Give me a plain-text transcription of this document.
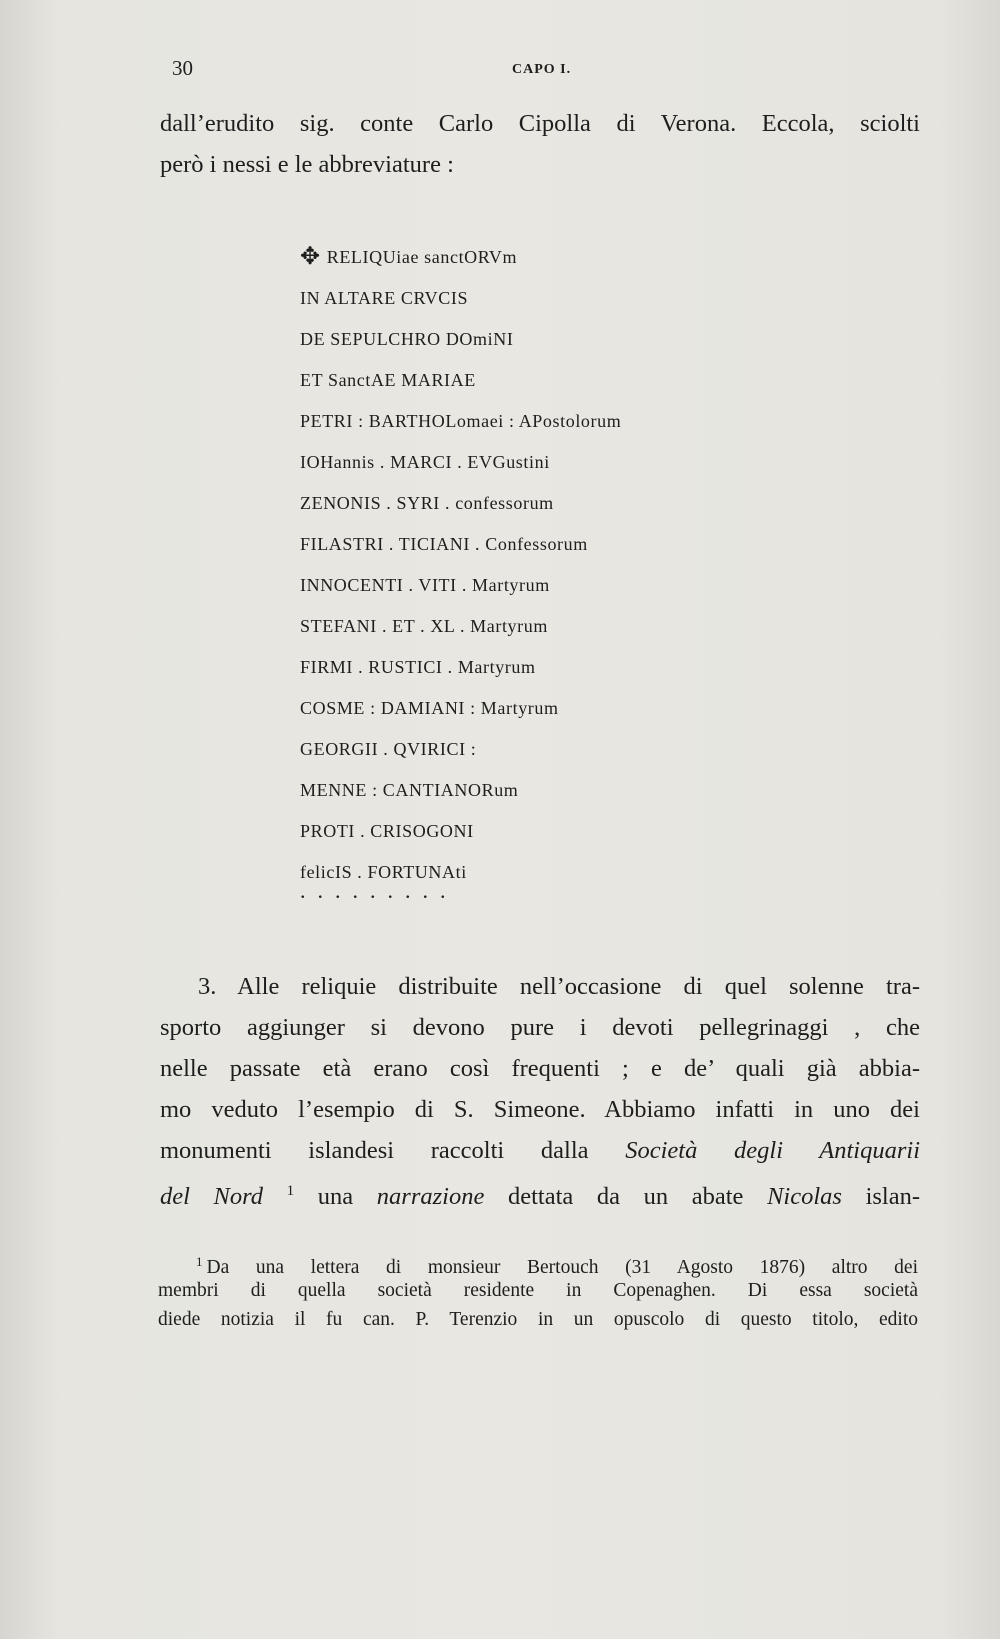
30	CAPO I.
dall’erudito sig. conte Carlo Cipolla di Verona. Eccola, sciolti
però i nessi e le abbreviature :
✥ RELIQUiae sanctORVm
IN ALTARE CRVCIS
DE SEPULCHRO DOmiNI
ET SanctAE MARIAE
PETRI : BARTHOLomaei : APostolorum
IOHannis . MARCI . EVGustini
ZENONIS . SYRI . confessorum
FILASTRI . TICIANI . Confessorum
INNOCENTI . VITI . Martyrum
STEFANI . ET . XL . Martyrum
FIRMI . RUSTICI . Martyrum
COSME : DAMIANI : Martyrum
GEORGII . QVIRICI :
MENNE : CANTIANORum
PROTI . CRISOGONI
felicIS . FORTUNAti
.........
3. Alle reliquie distribuite nell’occasione di quel solenne tra-
sporto aggiunger si devono pure i devoti pellegrinaggi , che
nelle passate età erano così frequenti ; e de’ quali già abbia-
mo veduto l’esempio di S. Simeone. Abbiamo infatti in uno dei
monumenti islandesi raccolti dalla Società degli Antiquarii
del Nord $^1$ una narrazione dettata da un abate Nicolas islan-
$^1$ Da una lettera di monsieur Bertouch (31 Agosto 1876) altro dei
membri di quella società residente in Copenaghen. Di essa società
diede notizia il fu can. P. Terenzio in un opuscolo di questo titolo, edito
